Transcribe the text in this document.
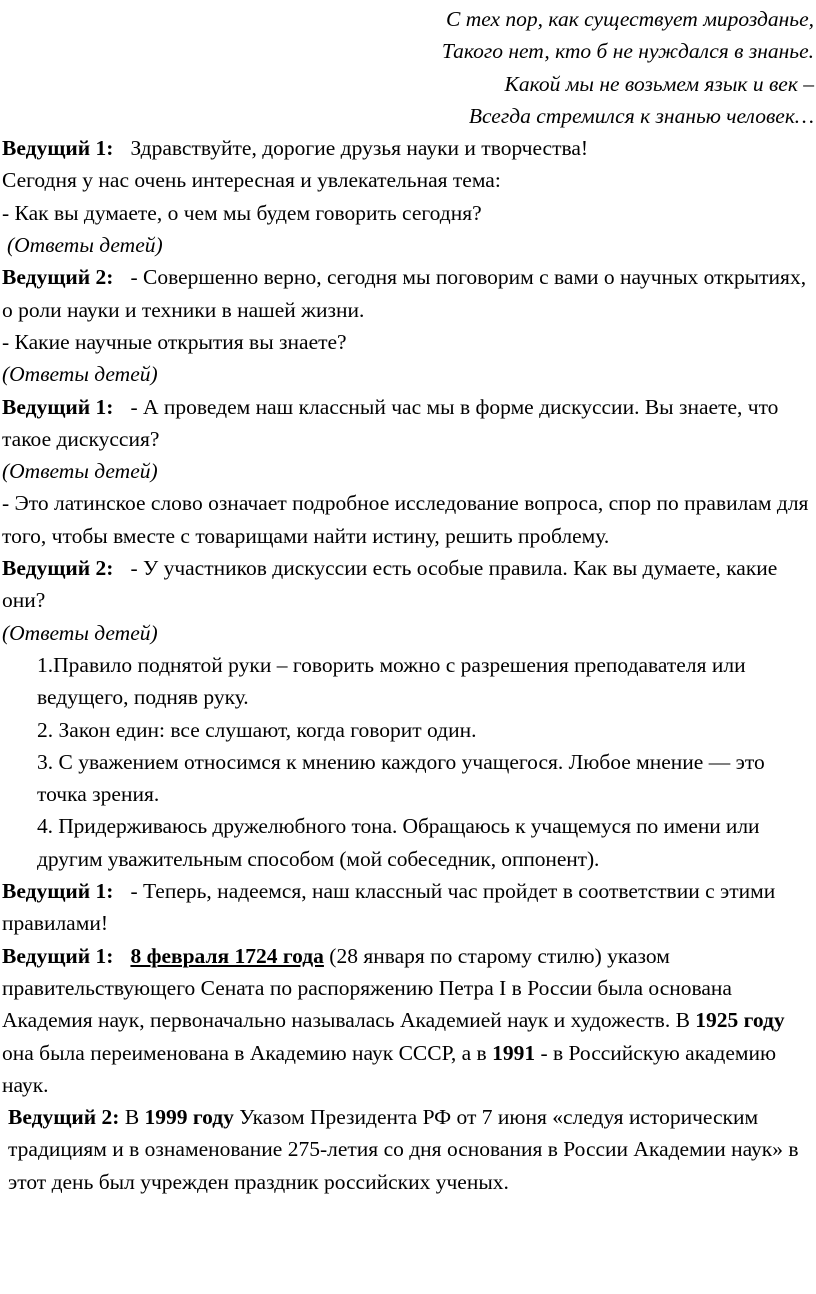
С тех пор, как существует мирозданье,
Такого нет, кто б не нуждался в знанье.
Какой мы не возьмем язык и век –
Всегда стремился к знанью человек…

Ведущий 1: Здравствуйте, дорогие друзья науки и творчества!

Сегодня у нас очень интересная и увлекательная тема:

- Как вы думаете, о чем мы будем говорить сегодня?

(Ответы детей)

Ведущий 2: - Совершенно верно, сегодня мы поговорим с вами о научных открытиях, о роли науки и техники в нашей жизни.

- Какие научные открытия вы знаете?

(Ответы детей)

Ведущий 1: - А проведем наш классный час мы в форме дискуссии. Вы знаете, что такое дискуссия?

(Ответы детей)

- Это латинское слово означает подробное исследование вопроса, спор по правилам для того, чтобы вместе с товарищами найти истину, решить проблему.

Ведущий 2: - У участников дискуссии есть особые правила. Как вы думаете, какие они?

(Ответы детей)

1.Правило поднятой руки – говорить можно с разрешения преподавателя или ведущего, подняв руку.
2. Закон един: все слушают, когда говорит один.
3. С уважением относимся к мнению каждого учащегося. Любое мнение — это точка зрения.
4. Придерживаюсь дружелюбного тона. Обращаюсь к учащемуся по имени или другим уважительным способом (мой собеседник, оппонент).

Ведущий 1: - Теперь, надеемся, наш классный час пройдет в соответствии с этими правилами!

Ведущий 1: 8 февраля 1724 года (28 января по старому стилю) указом правительствующего Сената по распоряжению Петра I в России была основана Академия наук, первоначально называлась Академией наук и художеств. В 1925 году она была переименована в Академию наук СССР, а в 1991 - в Российскую академию наук.

Ведущий 2: В 1999 году Указом Президента РФ от 7 июня «следуя историческим традициям и в ознаменование 275-летия со дня основания в России Академии наук» в этот день был учрежден праздник российских ученых.
